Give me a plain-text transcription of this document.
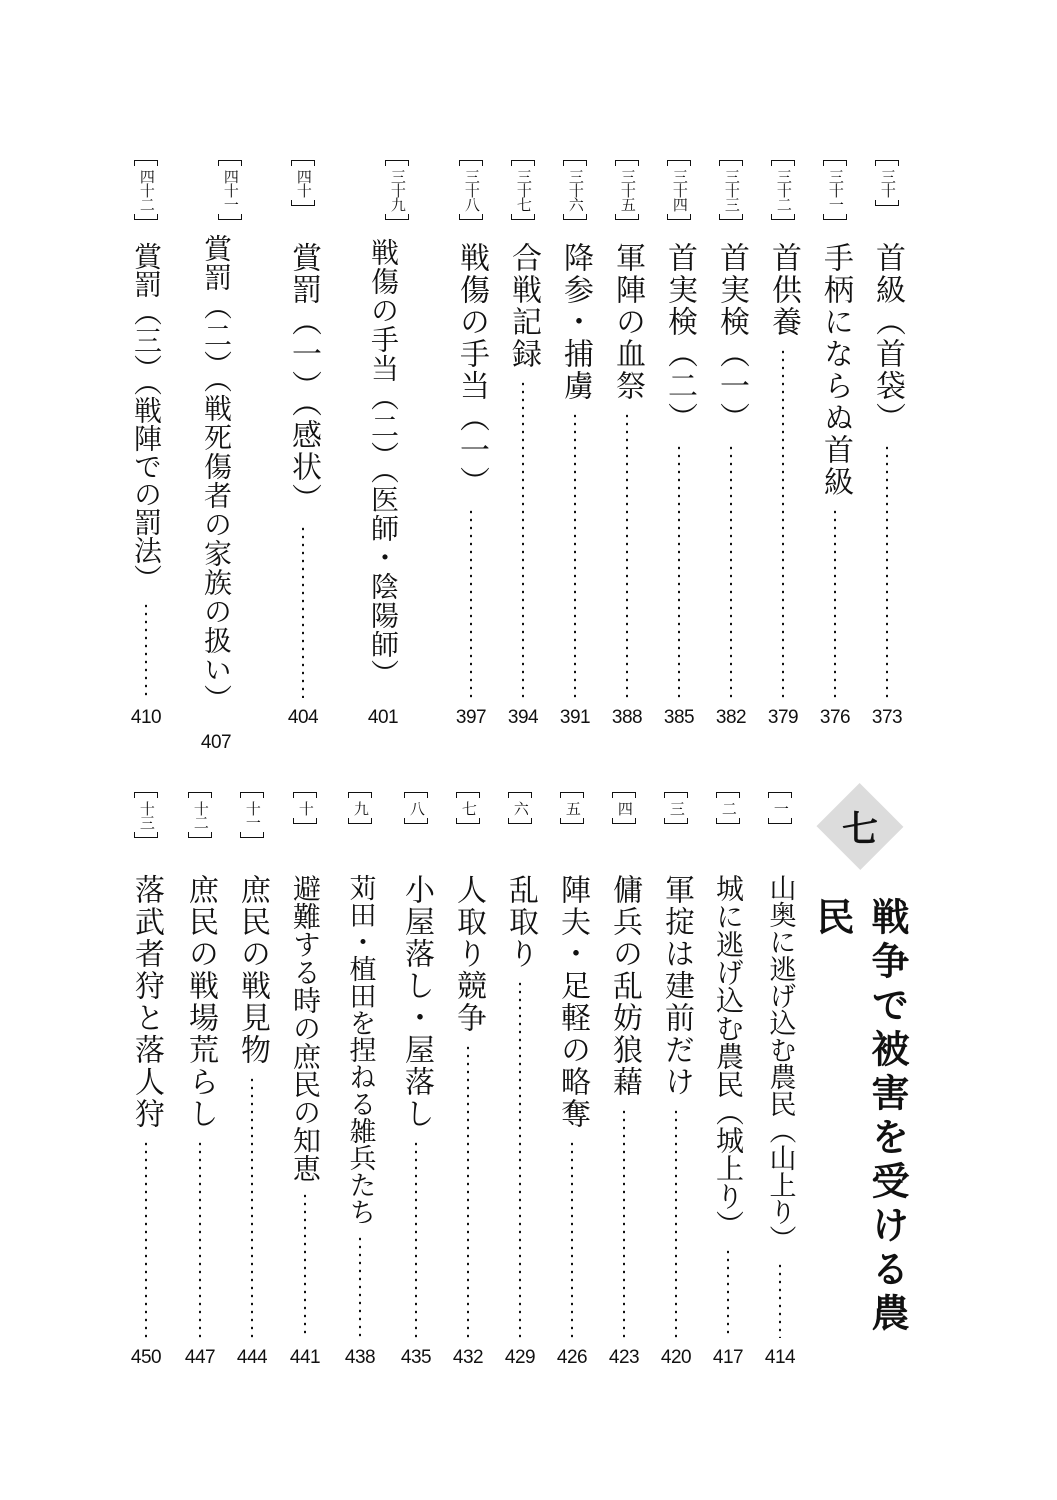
三十
首級（首袋）
373
三十一
手柄にならぬ首級
376
三十二
首供養
379
三十三
首実検（一）
382
三十四
首実検（二）
385
三十五
軍陣の血祭
388
三十六
降参・捕虜
391
三十七
合戦記録
394
三十八
戦傷の手当（一）
397
三十九
戦傷の手当（二）（医師・陰陽師）
401
四十
賞罰（一）（感状）
404
四十一
賞罰（二）（戦死傷者の家族の扱い）
407
四十二
賞罰（三）（戦陣での罰法）
410
七
戦争で被害を受ける農民
一
山奥に逃げ込む農民（山上り）
414
二
城に逃げ込む農民（城上り）
417
三
軍掟は建前だけ
420
四
傭兵の乱妨狼藉
423
五
陣夫・足軽の略奪
426
六
乱取り
429
七
人取り競争
432
八
小屋落し・屋落し
435
九
苅田・植田を捏ねる雑兵たち
438
十
避難する時の庶民の知恵
441
十一
庶民の戦見物
444
十二
庶民の戦場荒らし
447
十三
落武者狩と落人狩
450
